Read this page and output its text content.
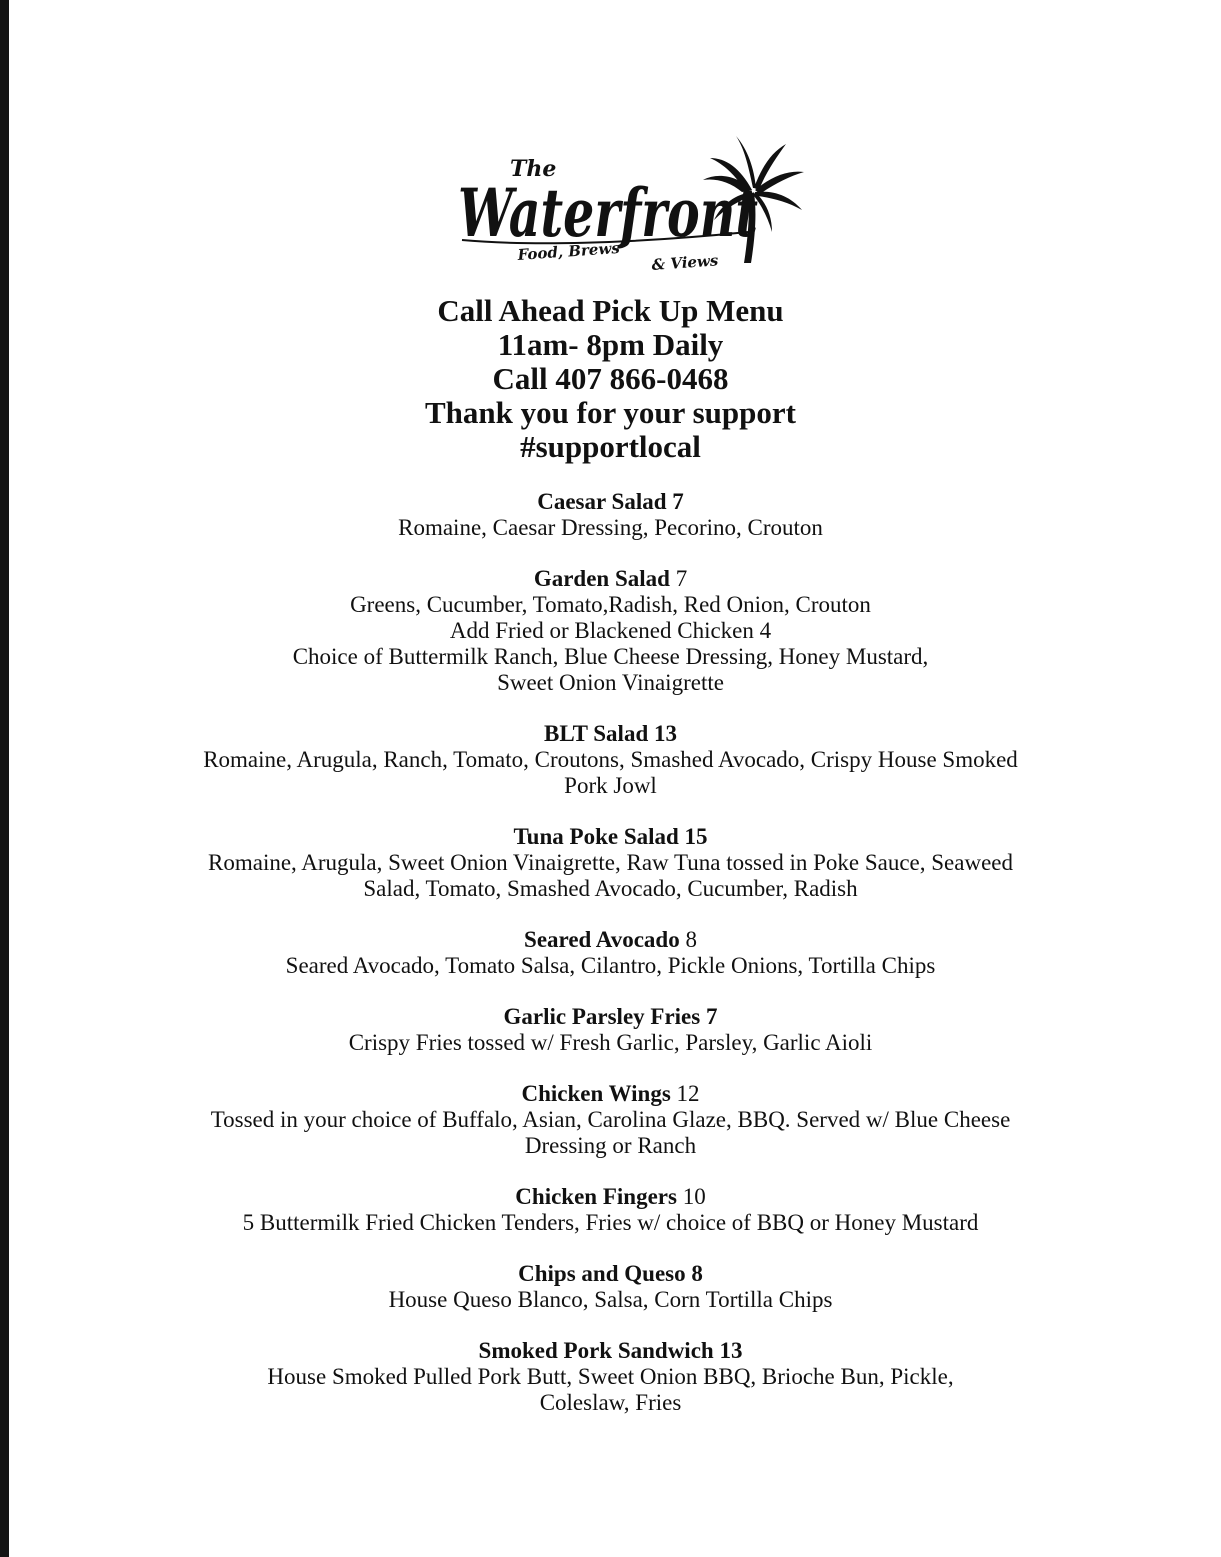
The
Waterfront
Food, Brews & Views
Call Ahead Pick Up Menu
11am- 8pm Daily
Call 407 866-0468
Thank you for your support
#supportlocal
Caesar Salad 7
Romaine, Caesar Dressing, Pecorino, Crouton
Garden Salad 7
Greens, Cucumber, Tomato,Radish, Red Onion, Crouton
Add Fried or Blackened Chicken 4
Choice of Buttermilk Ranch, Blue Cheese Dressing, Honey Mustard,
Sweet Onion Vinaigrette
BLT Salad 13
Romaine, Arugula, Ranch, Tomato, Croutons, Smashed Avocado, Crispy House Smoked
Pork Jowl
Tuna Poke Salad 15
Romaine, Arugula, Sweet Onion Vinaigrette, Raw Tuna tossed in Poke Sauce, Seaweed
Salad, Tomato, Smashed Avocado, Cucumber, Radish
Seared Avocado 8
Seared Avocado, Tomato Salsa, Cilantro, Pickle Onions, Tortilla Chips
Garlic Parsley Fries 7
Crispy Fries tossed w/ Fresh Garlic, Parsley, Garlic Aioli
Chicken Wings 12
Tossed in your choice of Buffalo, Asian, Carolina Glaze, BBQ. Served w/ Blue Cheese
Dressing or Ranch
Chicken Fingers 10
5 Buttermilk Fried Chicken Tenders, Fries w/ choice of BBQ or Honey Mustard
Chips and Queso 8
House Queso Blanco, Salsa, Corn Tortilla Chips
Smoked Pork Sandwich 13
House Smoked Pulled Pork Butt, Sweet Onion BBQ, Brioche Bun, Pickle,
Coleslaw, Fries
